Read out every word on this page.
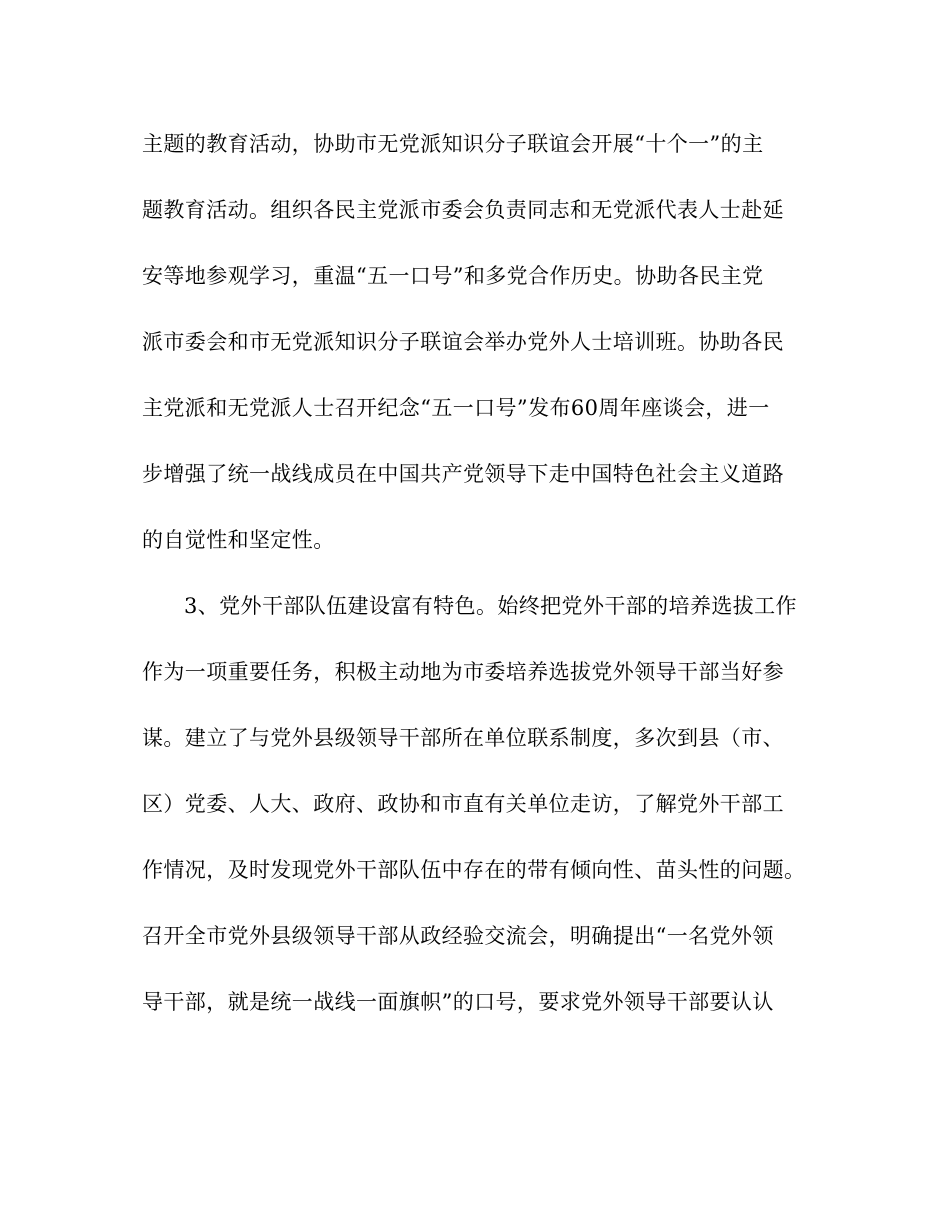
主题的教育活动，协助市无党派知识分子联谊会开展“十个一”的主
题教育活动。组织各民主党派市委会负责同志和无党派代表人士赴延
安等地参观学习，重温“五一口号”和多党合作历史。协助各民主党
派市委会和市无党派知识分子联谊会举办党外人士培训班。协助各民
主党派和无党派人士召开纪念“五一口号”发布60周年座谈会，进一
步增强了统一战线成员在中国共产党领导下走中国特色社会主义道路
的自觉性和坚定性。
3、党外干部队伍建设富有特色。始终把党外干部的培养选拔工作
作为一项重要任务，积极主动地为市委培养选拔党外领导干部当好参
谋。建立了与党外县级领导干部所在单位联系制度，多次到县（市、
区）党委、人大、政府、政协和市直有关单位走访，了解党外干部工
作情况，及时发现党外干部队伍中存在的带有倾向性、苗头性的问题。
召开全市党外县级领导干部从政经验交流会，明确提出“一名党外领
导干部，就是统一战线一面旗帜”的口号，要求党外领导干部要认认
